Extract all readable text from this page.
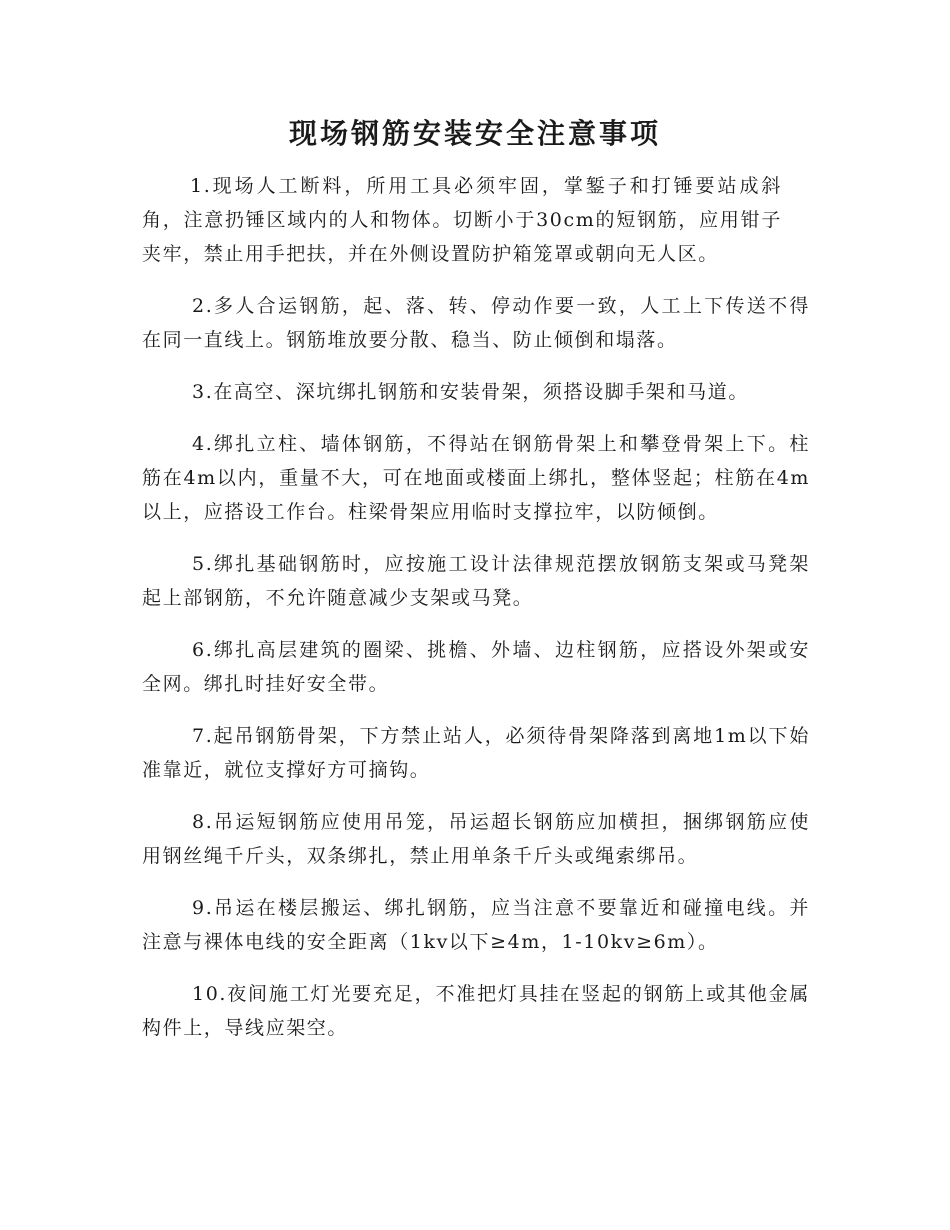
现场钢筋安装安全注意事项

1.现场人工断料，所用工具必须牢固，掌錾子和打锤要站成斜角，注意扔锤区域内的人和物体。切断小于30cm的短钢筋，应用钳子夹牢，禁止用手把扶，并在外侧设置防护箱笼罩或朝向无人区。

2.多人合运钢筋，起、落、转、停动作要一致，人工上下传送不得在同一直线上。钢筋堆放要分散、稳当、防止倾倒和塌落。

3.在高空、深坑绑扎钢筋和安装骨架，须搭设脚手架和马道。

4.绑扎立柱、墙体钢筋，不得站在钢筋骨架上和攀登骨架上下。柱筋在4m以内，重量不大，可在地面或楼面上绑扎，整体竖起；柱筋在4m以上，应搭设工作台。柱梁骨架应用临时支撑拉牢，以防倾倒。

5.绑扎基础钢筋时，应按施工设计法律规范摆放钢筋支架或马凳架起上部钢筋，不允许随意减少支架或马凳。

6.绑扎高层建筑的圈梁、挑檐、外墙、边柱钢筋，应搭设外架或安全网。绑扎时挂好安全带。

7.起吊钢筋骨架，下方禁止站人，必须待骨架降落到离地1m以下始准靠近，就位支撑好方可摘钩。

8.吊运短钢筋应使用吊笼，吊运超长钢筋应加横担，捆绑钢筋应使用钢丝绳千斤头，双条绑扎，禁止用单条千斤头或绳索绑吊。

9.吊运在楼层搬运、绑扎钢筋，应当注意不要靠近和碰撞电线。并注意与裸体电线的安全距离（1kv以下≥4m，1-10kv≥6m）。

10.夜间施工灯光要充足，不准把灯具挂在竖起的钢筋上或其他金属构件上，导线应架空。
